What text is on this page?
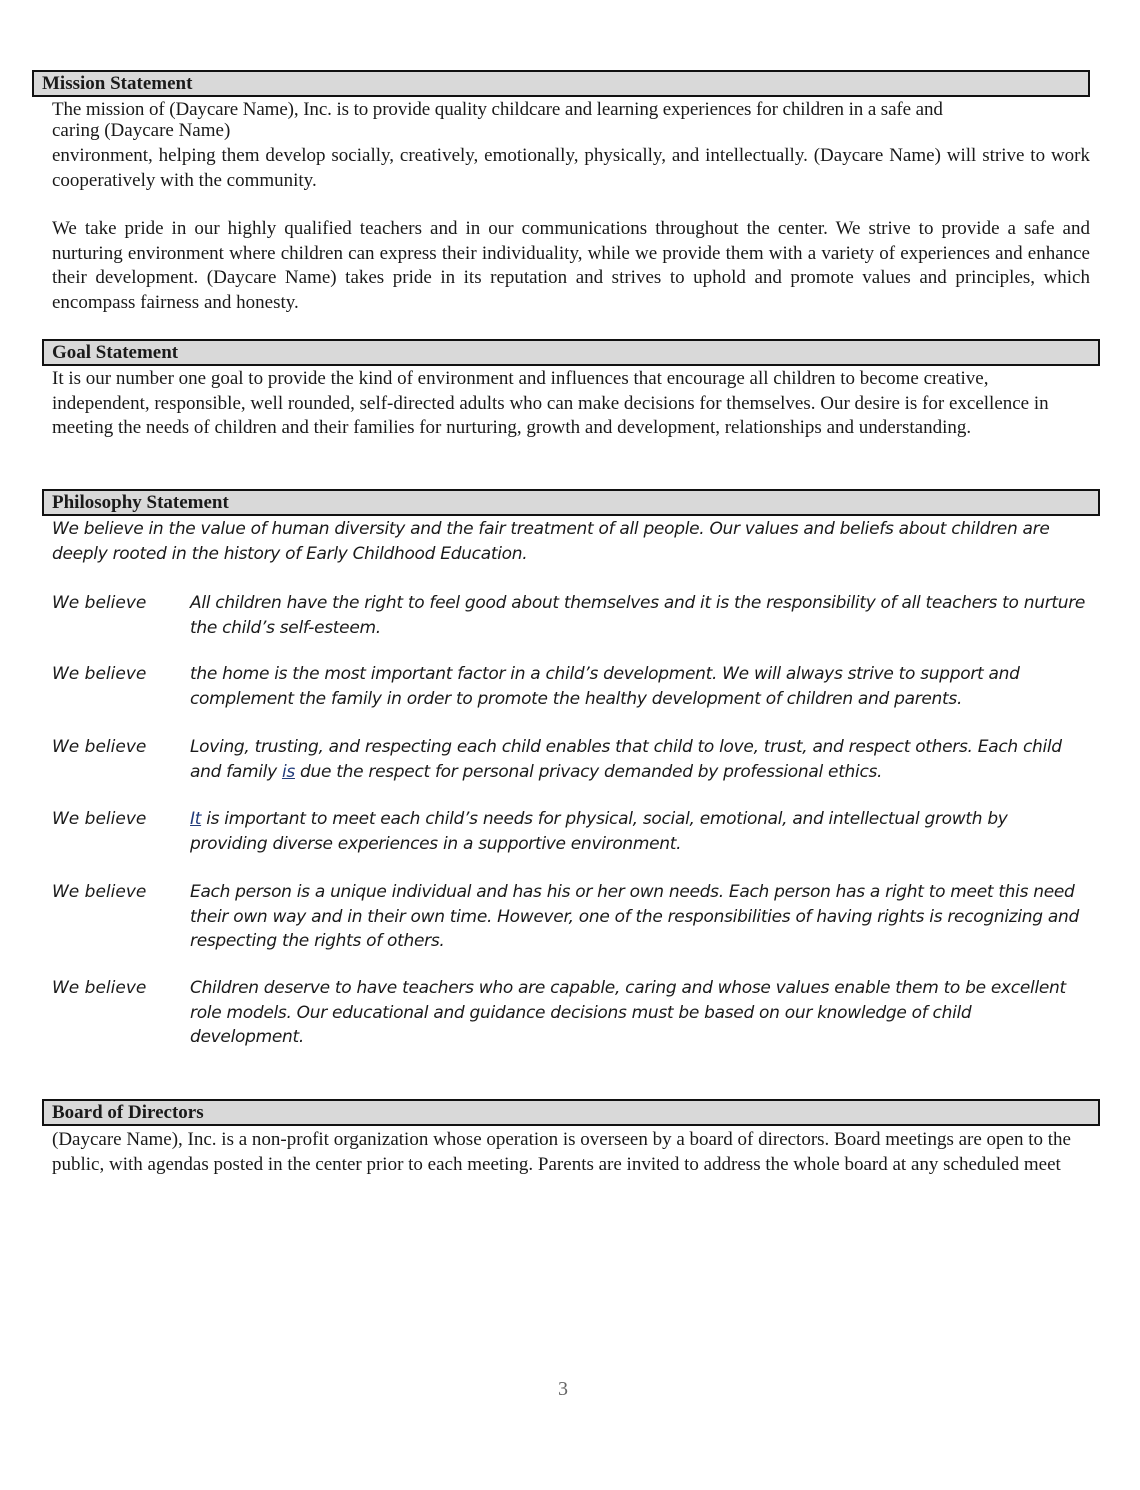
Mission Statement

The mission of (Daycare Name), Inc. is to provide quality childcare and learning experiences for children in a safe and

caring (Daycare Name)

environment, helping them develop socially, creatively, emotionally, physically, and intellectually. (Daycare Name) will strive to work cooperatively with the community.

We take pride in our highly qualified teachers and in our communications throughout the center. We strive to provide a safe and nurturing environment where children can express their individuality, while we provide them with a variety of experiences and enhance their development. (Daycare Name) takes pride in its reputation and strives to uphold and promote values and principles, which encompass fairness and honesty.

Goal Statement

It is our number one goal to provide the kind of environment and influences that encourage all children to become creative, independent, responsible, well rounded, self-directed adults who can make decisions for themselves. Our desire is for excellence in meeting the needs of children and their families for nurturing, growth and development, relationships and understanding.

Philosophy Statement

We believe in the value of human diversity and the fair treatment of all people. Our values and beliefs about children are deeply rooted in the history of Early Childhood Education.

We believe	All children have the right to feel good about themselves and it is the responsibility of all teachers to nurture the child’s self-esteem.
We believe	the home is the most important factor in a child’s development. We will always strive to support and complement the family in order to promote the healthy development of children and parents.
We believe	Loving, trusting, and respecting each child enables that child to love, trust, and respect others. Each child and family is due the respect for personal privacy demanded by professional ethics.
We believe	It is important to meet each child’s needs for physical, social, emotional, and intellectual growth by providing diverse experiences in a supportive environment.
We believe	Each person is a unique individual and has his or her own needs. Each person has a right to meet this need their own way and in their own time. However, one of the responsibilities of having rights is recognizing and respecting the rights of others.
We believe	Children deserve to have teachers who are capable, caring and whose values enable them to be excellent role models. Our educational and guidance decisions must be based on our knowledge of child development.
Board of Directors

(Daycare Name), Inc. is a non-profit organization whose operation is overseen by a board of directors. Board meetings are open to the public, with agendas posted in the center prior to each meeting. Parents are invited to address the whole board at any scheduled meet

3
